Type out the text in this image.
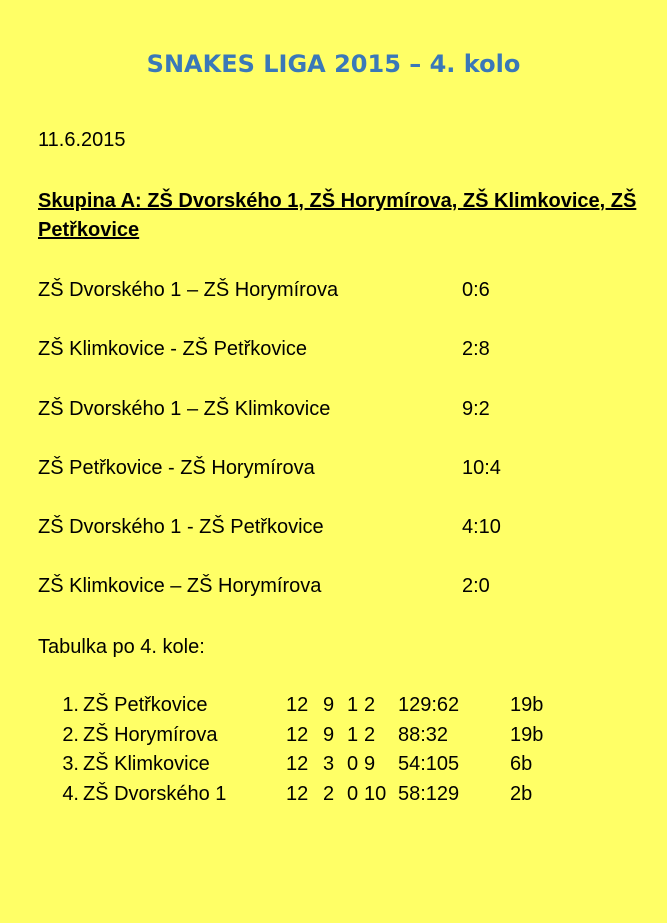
SNAKES LIGA 2015 – 4. kolo
11.6.2015
Skupina A: ZŠ Dvorského 1, ZŠ Horymírova, ZŠ Klimkovice, ZŠ Petřkovice
ZŠ Dvorského 1 – ZŠ Horymírova	0:6
ZŠ Klimkovice - ZŠ Petřkovice	2:8
ZŠ Dvorského 1 – ZŠ Klimkovice	9:2
ZŠ Petřkovice - ZŠ Horymírova	10:4
ZŠ Dvorského 1 - ZŠ Petřkovice	4:10
ZŠ Klimkovice – ZŠ Horymírova	2:0
Tabulka po 4. kole:
1. ZŠ Petřkovice	12 9 1 2 129:62	19b
2. ZŠ Horymírova	12 9 1 2 88:32	19b
3. ZŠ Klimkovice	12 3 0 9 54:105	6b
4. ZŠ Dvorského 1	12 2 0 10 58:129	2b
